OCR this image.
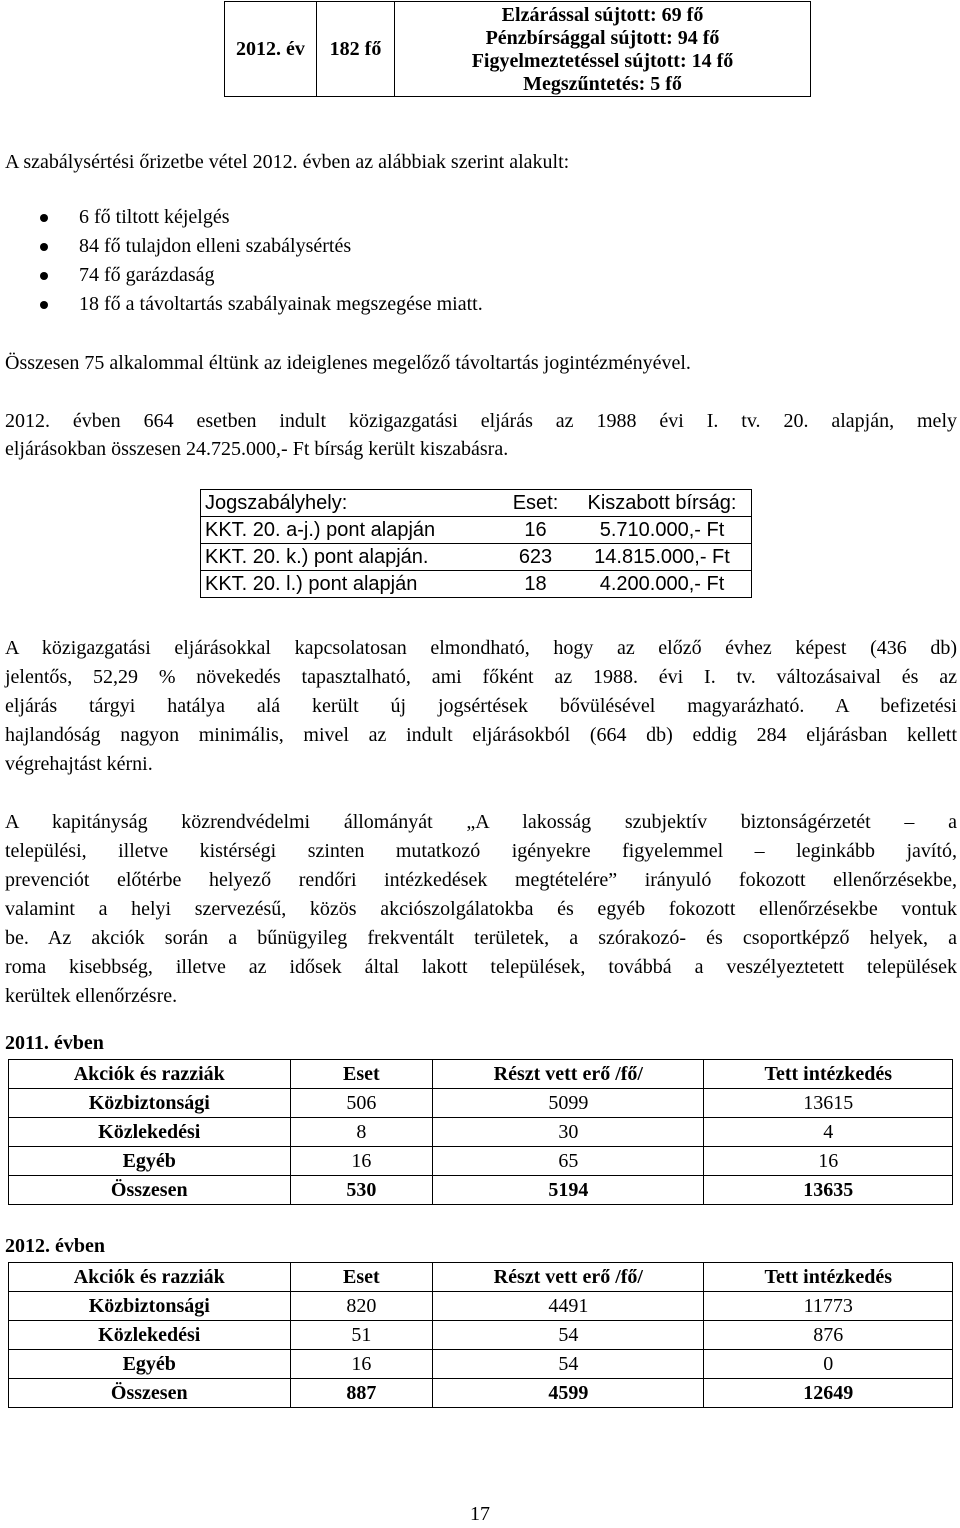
2012. év	182 fő	
Elzárással sújtott: 69 fő
Pénzbírsággal sújtott: 94 fő
Figyelmeztetéssel sújtott: 14 fő
Megszűntetés: 5 fő
A szabálysértési őrizetbe vétel 2012. évben az alábbiak szerint alakult:
6 fő tiltott kéjelgés
84 fő tulajdon elleni szabálysértés
74 fő garázdaság
18 fő a távoltartás szabályainak megszegése miatt.
Összesen 75 alkalommal éltünk az ideiglenes megelőző távoltartás jogintézményével.
2012. évben 664 esetben indult közigazgatási eljárás az 1988 évi I. tv. 20. alapján, mely
eljárásokban összesen 24.725.000,- Ft bírság került kiszabásra.
Jogszabályhely:	Eset:	Kiszabott bírság:
KKT. 20. a-j.) pont alapján	16	5.710.000,- Ft
KKT. 20. k.) pont alapján.	623	14.815.000,- Ft
KKT. 20. l.) pont alapján	18	4.200.000,- Ft
A közigazgatási eljárásokkal kapcsolatosan elmondható, hogy az előző évhez képest (436 db)
jelentős, 52,29 % növekedés tapasztalható, ami főként az 1988. évi I. tv. változásaival és az
eljárás tárgyi hatálya alá került új jogsértések bővülésével magyarázható. A befizetési
hajlandóság nagyon minimális, mivel az indult eljárásokból (664 db) eddig 284 eljárásban kellett
végrehajtást kérni.
A kapitányság közrendvédelmi állományát „A lakosság szubjektív biztonságérzetét – a
települési, illetve kistérségi szinten mutatkozó igényekre figyelemmel – leginkább javító,
prevenciót előtérbe helyező rendőri intézkedések megtételére” irányuló fokozott ellenőrzésekbe,
valamint a helyi szervezésű, közös akciószolgálatokba és egyéb fokozott ellenőrzésekbe vontuk
be. Az akciók során a bűnügyileg frekventált területek, a szórakozó- és csoportképző helyek, a
roma kisebbség, illetve az idősek által lakott települések, továbbá a veszélyeztetett települések
kerültek ellenőrzésre.
2011. évben
Akciók és razziák	Eset	Részt vett erő /fő/	Tett intézkedés
Közbiztonsági	506	5099	13615
Közlekedési	8	30	4
Egyéb	16	65	16
Összesen	530	5194	13635
2012. évben
Akciók és razziák	Eset	Részt vett erő /fő/	Tett intézkedés
Közbiztonsági	820	4491	11773
Közlekedési	51	54	876
Egyéb	16	54	0
Összesen	887	4599	12649
17
